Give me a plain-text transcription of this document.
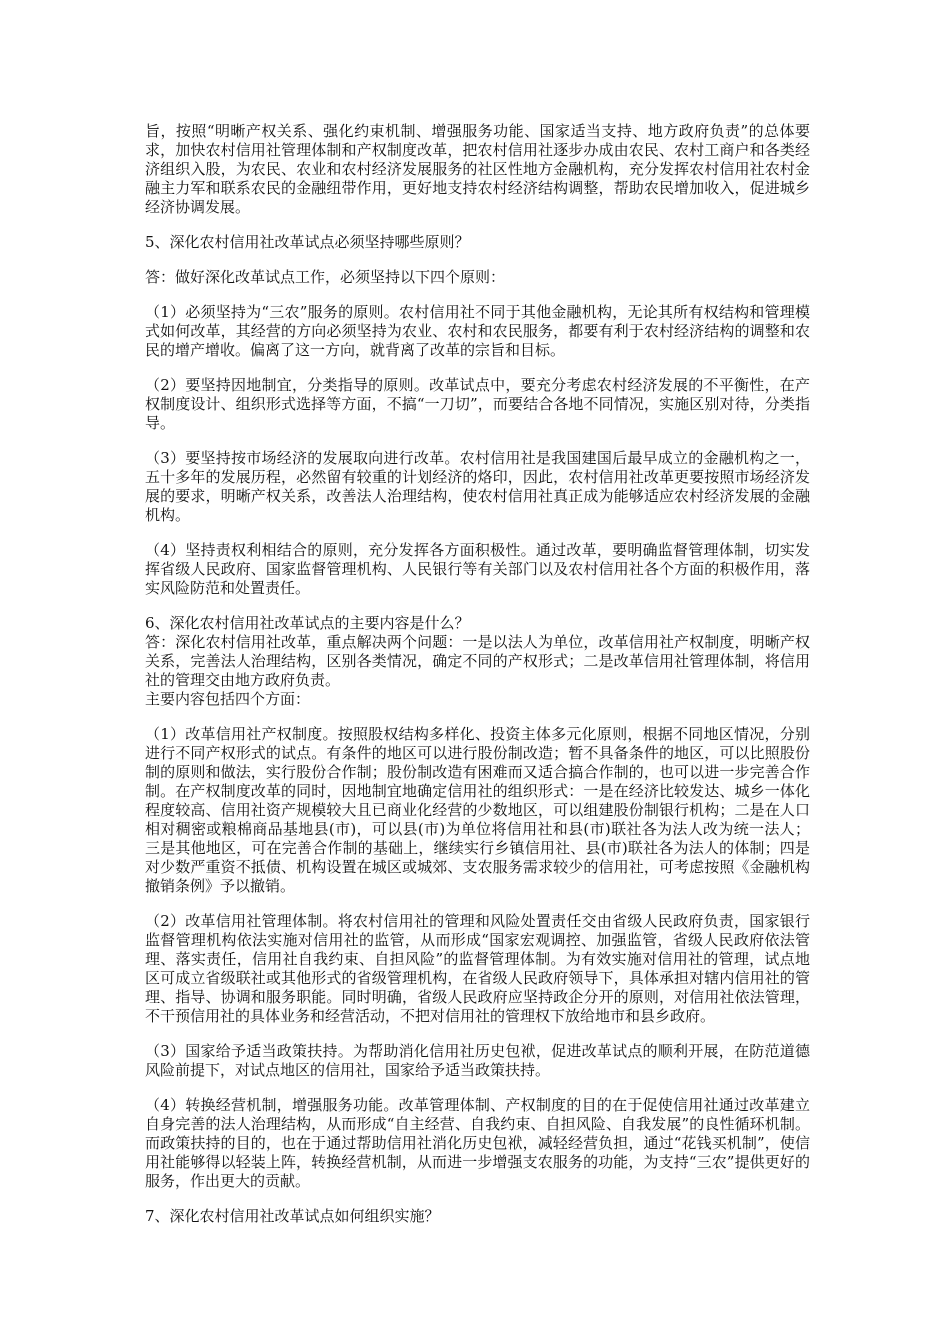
旨，按照“明晰产权关系、强化约束机制、增强服务功能、国家适当支持、地方政府负责”的总体要求，加快农村信用社管理体制和产权制度改革，把农村信用社逐步办成由农民、农村工商户和各类经济组织入股，为农民、农业和农村经济发展服务的社区性地方金融机构，充分发挥农村信用社农村金融主力军和联系农民的金融纽带作用，更好地支持农村经济结构调整，帮助农民增加收入，促进城乡经济协调发展。

5、深化农村信用社改革试点必须坚持哪些原则？

答：做好深化改革试点工作，必须坚持以下四个原则：

（1）必须坚持为“三农”服务的原则。农村信用社不同于其他金融机构，无论其所有权结构和管理模式如何改革，其经营的方向必须坚持为农业、农村和农民服务，都要有利于农村经济结构的调整和农民的增产增收。偏离了这一方向，就背离了改革的宗旨和目标。

（2）要坚持因地制宜，分类指导的原则。改革试点中，要充分考虑农村经济发展的不平衡性，在产权制度设计、组织形式选择等方面，不搞“一刀切”，而要结合各地不同情况，实施区别对待，分类指导。

（3）要坚持按市场经济的发展取向进行改革。农村信用社是我国建国后最早成立的金融机构之一，五十多年的发展历程，必然留有较重的计划经济的烙印，因此，农村信用社改革更要按照市场经济发展的要求，明晰产权关系，改善法人治理结构，使农村信用社真正成为能够适应农村经济发展的金融机构。

（4）坚持责权利相结合的原则，充分发挥各方面积极性。通过改革，要明确监督管理体制，切实发挥省级人民政府、国家监督管理机构、人民银行等有关部门以及农村信用社各个方面的积极作用，落实风险防范和处置责任。

6、深化农村信用社改革试点的主要内容是什么？

答：深化农村信用社改革，重点解决两个问题：一是以法人为单位，改革信用社产权制度，明晰产权关系，完善法人治理结构，区别各类情况，确定不同的产权形式；二是改革信用社管理体制，将信用社的管理交由地方政府负责。

主要内容包括四个方面：

（1）改革信用社产权制度。按照股权结构多样化、投资主体多元化原则，根据不同地区情况，分别进行不同产权形式的试点。有条件的地区可以进行股份制改造；暂不具备条件的地区，可以比照股份制的原则和做法，实行股份合作制；股份制改造有困难而又适合搞合作制的，也可以进一步完善合作制。在产权制度改革的同时，因地制宜地确定信用社的组织形式：一是在经济比较发达、城乡一体化程度较高、信用社资产规模较大且已商业化经营的少数地区，可以组建股份制银行机构；二是在人口相对稠密或粮棉商品基地县(市)，可以县(市)为单位将信用社和县(市)联社各为法人改为统一法人；三是其他地区，可在完善合作制的基础上，继续实行乡镇信用社、县(市)联社各为法人的体制；四是对少数严重资不抵债、机构设置在城区或城郊、支农服务需求较少的信用社，可考虑按照《金融机构撤销条例》予以撤销。

（2）改革信用社管理体制。将农村信用社的管理和风险处置责任交由省级人民政府负责，国家银行监督管理机构依法实施对信用社的监管，从而形成“国家宏观调控、加强监管，省级人民政府依法管理、落实责任，信用社自我约束、自担风险”的监督管理体制。为有效实施对信用社的管理，试点地区可成立省级联社或其他形式的省级管理机构，在省级人民政府领导下，具体承担对辖内信用社的管理、指导、协调和服务职能。同时明确，省级人民政府应坚持政企分开的原则，对信用社依法管理，不干预信用社的具体业务和经营活动，不把对信用社的管理权下放给地市和县乡政府。

（3）国家给予适当政策扶持。为帮助消化信用社历史包袱，促进改革试点的顺利开展，在防范道德风险前提下，对试点地区的信用社，国家给予适当政策扶持。

（4）转换经营机制，增强服务功能。改革管理体制、产权制度的目的在于促使信用社通过改革建立自身完善的法人治理结构，从而形成“自主经营、自我约束、自担风险、自我发展”的良性循环机制。而政策扶持的目的，也在于通过帮助信用社消化历史包袱，减轻经营负担，通过“花钱买机制”，使信用社能够得以轻装上阵，转换经营机制，从而进一步增强支农服务的功能，为支持“三农”提供更好的服务，作出更大的贡献。

7、深化农村信用社改革试点如何组织实施？
